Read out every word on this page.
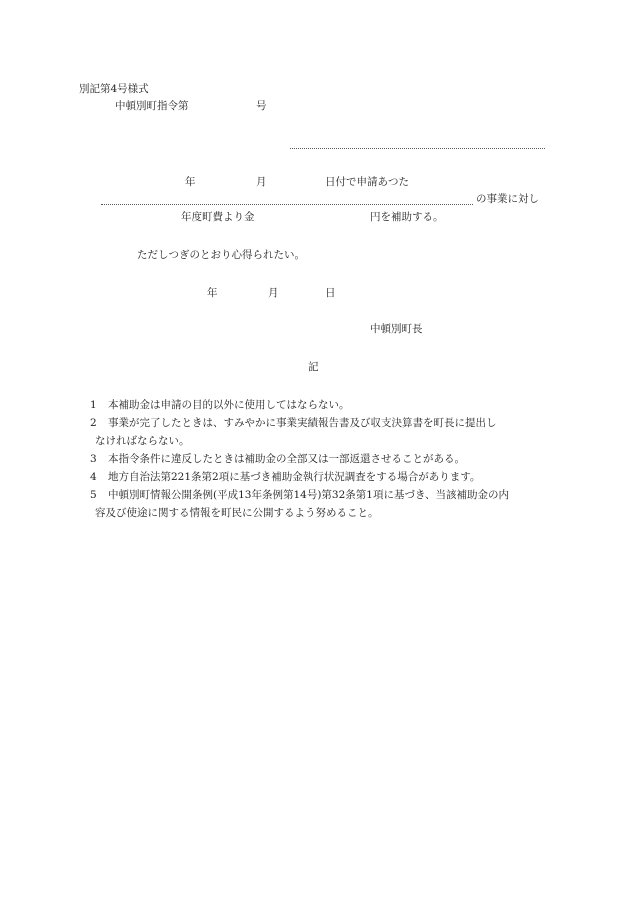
別記第4号様式
中頓別町指令第	号
年	月	日付で申請あつた
の事業に対し
年度町費より金	円を補助する。
ただしつぎのとおり心得られたい。
年	月	日
中頓別町長
記
1 本補助金は申請の目的以外に使用してはならない。
2 事業が完了したときは、すみやかに事業実績報告書及び収支決算書を町長に提出し
なければならない。
3 本指令条件に違反したときは補助金の全部又は一部返還させることがある。
4 地方自治法第221条第2項に基づき補助金執行状況調査をする場合があります。
5 中頓別町情報公開条例(平成13年条例第14号)第32条第1項に基づき、当該補助金の内
容及び使途に関する情報を町民に公開するよう努めること。
